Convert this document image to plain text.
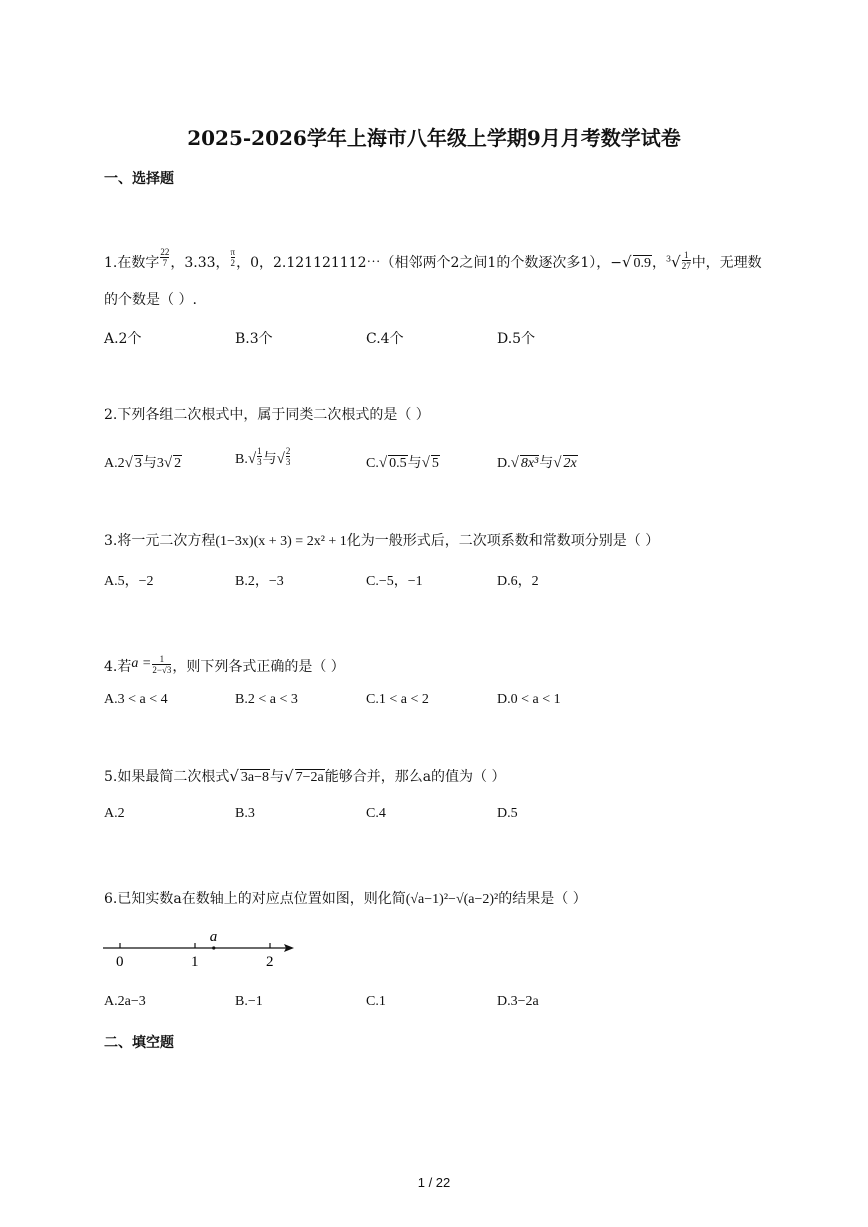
2025-2026学年上海市八年级上学期9月月考数学试卷
一、选择题
1.在数字 $\frac{22}{7}$ ，3.33， $\frac{\pi}{2}$ ，0，2.121121112⋯（相邻两个2之间1的个数逐次多1），−√ 0.9，$^3√ \frac{1}{27}$ 中，无理数
的个数是（ ）.
A.2个	B.3个	C.4个	D.5个
2.下列各组二次根式中，属于同类二次根式的是（ ）
A.2√ 3与3√ 2	$B.√ \frac{1}{3}$ 与√ $\frac{2}{3}$	C.√ 0.5与√ 5	D.√ 8x³与√ 2x
3.将一元二次方程(1−3x)(x + 3) = 2x² + 1化为一般形式后，二次项系数和常数项分别是（ ）
A.5，−2	B.2，−3	C.−5，−1	D.6，2
4.若$a = \frac{1}{2-√3}$ ，则下列各式正确的是（ ）
A.3 < a < 4	B.2 < a < 3	C.1 < a < 2	D.0 < a < 1
5.如果最简二次根式√ 3a−8与√ 7−2a能够合并，那么a的值为（ ）
A.2	B.3	C.4	D.5
6.已知实数a在数轴上的对应点位置如图，则化简(√a−1)²−√(a−2)²的结果是（ ）
a
0	1	2
A.2a−3	B.−1	C.1	D.3−2a
二、填空题
1 / 22
